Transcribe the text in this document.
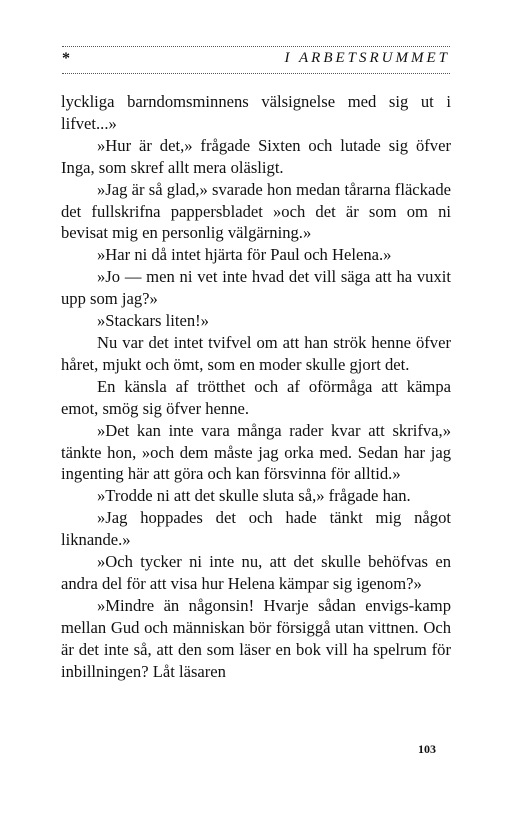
*	I ARBETSRUMMET

lyckliga barndomsminnens välsignelse med sig ut i lifvet...»

»Hur är det,» frågade Sixten och lutade sig öfver Inga, som skref allt mera oläsligt.

»Jag är så glad,» svarade hon medan tårarna fläckade det fullskrifna pappersbladet »och det är som om ni bevisat mig en personlig välgärning.»

»Har ni då intet hjärta för Paul och Helena.»

»Jo — men ni vet inte hvad det vill säga att ha vuxit upp som jag?»

»Stackars liten!»

Nu var det intet tvifvel om att han strök henne öfver håret, mjukt och ömt, som en moder skulle gjort det.

En känsla af trötthet och af oförmåga att kämpa emot, smög sig öfver henne.

»Det kan inte vara många rader kvar att skrifva,» tänkte hon, »och dem måste jag orka med. Sedan har jag ingenting här att göra och kan försvinna för alltid.»

»Trodde ni att det skulle sluta så,» frågade han.

»Jag hoppades det och hade tänkt mig något liknande.»

»Och tycker ni inte nu, att det skulle behöfvas en andra del för att visa hur Helena kämpar sig igenom?»

»Mindre än någonsin! Hvarje sådan envigs-kamp mellan Gud och människan bör försiggå utan vittnen. Och är det inte så, att den som läser en bok vill ha spelrum för inbillningen? Låt läsaren

103
